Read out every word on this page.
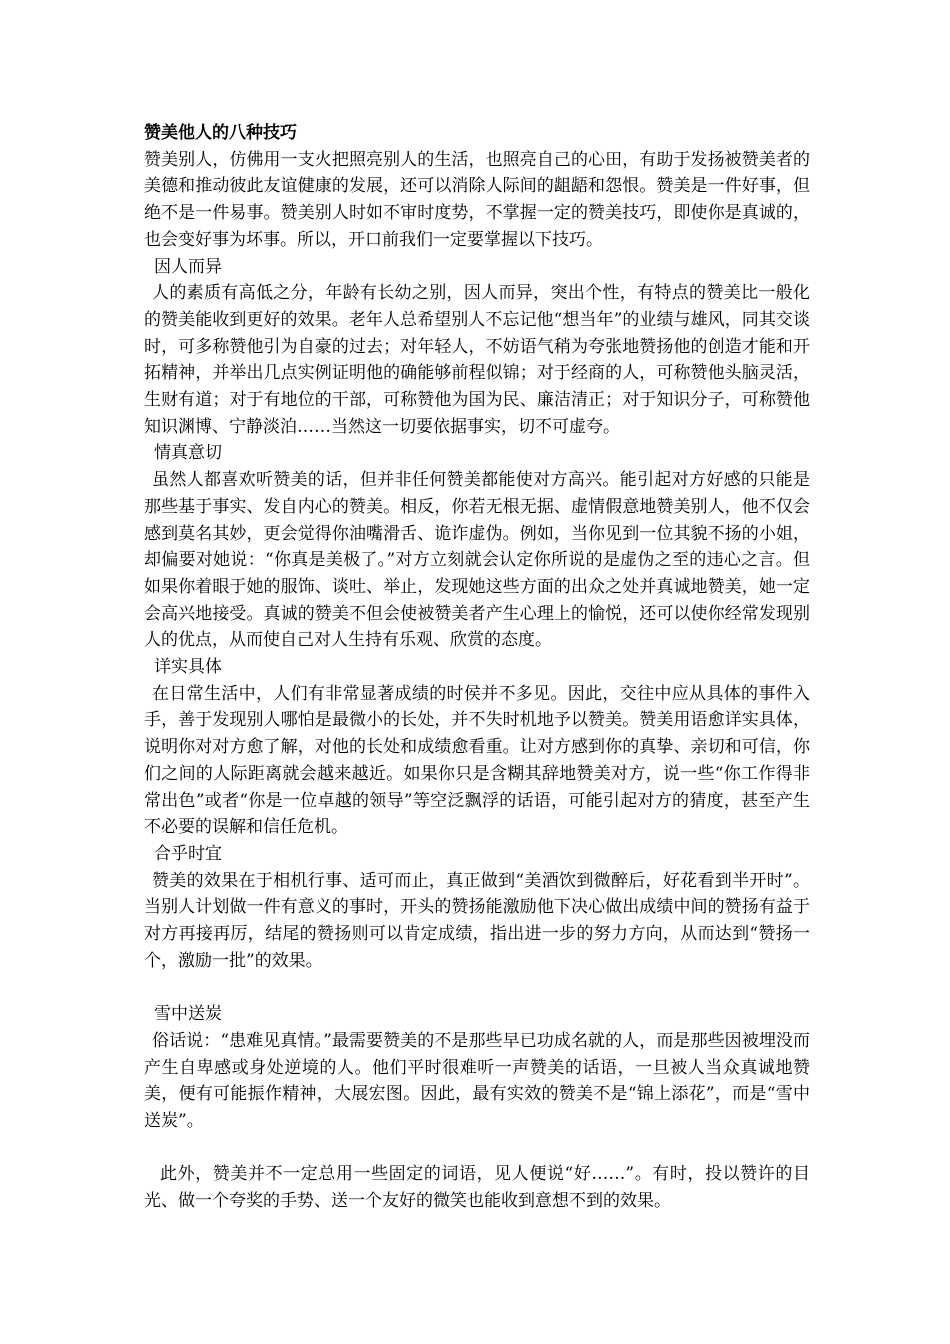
赞美他人的八种技巧

赞美别人，仿佛用一支火把照亮别人的生活，也照亮自己的心田，有助于发扬被赞美者的美德和推动彼此友谊健康的发展，还可以消除人际间的龃龉和怨恨。赞美是一件好事，但绝不是一件易事。赞美别人时如不审时度势，不掌握一定的赞美技巧，即使你是真诚的，也会变好事为坏事。所以，开口前我们一定要掌握以下技巧。

因人而异

人的素质有高低之分，年龄有长幼之别，因人而异，突出个性，有特点的赞美比一般化的赞美能收到更好的效果。老年人总希望别人不忘记他“想当年”的业绩与雄风，同其交谈时，可多称赞他引为自豪的过去；对年轻人，不妨语气稍为夸张地赞扬他的创造才能和开拓精神，并举出几点实例证明他的确能够前程似锦；对于经商的人，可称赞他头脑灵活，生财有道；对于有地位的干部，可称赞他为国为民、廉洁清正；对于知识分子，可称赞他知识渊博、宁静淡泊……当然这一切要依据事实，切不可虚夸。

情真意切

虽然人都喜欢听赞美的话，但并非任何赞美都能使对方高兴。能引起对方好感的只能是那些基于事实、发自内心的赞美。相反，你若无根无据、虚情假意地赞美别人，他不仅会感到莫名其妙，更会觉得你油嘴滑舌、诡诈虚伪。例如，当你见到一位其貌不扬的小姐，却偏要对她说：“你真是美极了。”对方立刻就会认定你所说的是虚伪之至的违心之言。但如果你着眼于她的服饰、谈吐、举止，发现她这些方面的出众之处并真诚地赞美，她一定会高兴地接受。真诚的赞美不但会使被赞美者产生心理上的愉悦，还可以使你经常发现别人的优点，从而使自己对人生持有乐观、欣赏的态度。

详实具体

在日常生活中，人们有非常显著成绩的时侯并不多见。因此，交往中应从具体的事件入手，善于发现别人哪怕是最微小的长处，并不失时机地予以赞美。赞美用语愈详实具体，说明你对对方愈了解，对他的长处和成绩愈看重。让对方感到你的真挚、亲切和可信，你们之间的人际距离就会越来越近。如果你只是含糊其辞地赞美对方，说一些“你工作得非常出色”或者“你是一位卓越的领导”等空泛飘浮的话语，可能引起对方的猜度，甚至产生不必要的误解和信任危机。

合乎时宜

赞美的效果在于相机行事、适可而止，真正做到“美酒饮到微醉后，好花看到半开时”。当别人计划做一件有意义的事时，开头的赞扬能激励他下决心做出成绩中间的赞扬有益于对方再接再厉，结尾的赞扬则可以肯定成绩，指出进一步的努力方向，从而达到“赞扬一个，激励一批”的效果。

雪中送炭

俗话说：“患难见真情。”最需要赞美的不是那些早已功成名就的人，而是那些因被埋没而产生自卑感或身处逆境的人。他们平时很难听一声赞美的话语，一旦被人当众真诚地赞美，便有可能振作精神，大展宏图。因此，最有实效的赞美不是“锦上添花”，而是“雪中送炭”。

此外，赞美并不一定总用一些固定的词语，见人便说“好……”。有时，投以赞许的目光、做一个夸奖的手势、送一个友好的微笑也能收到意想不到的效果。
